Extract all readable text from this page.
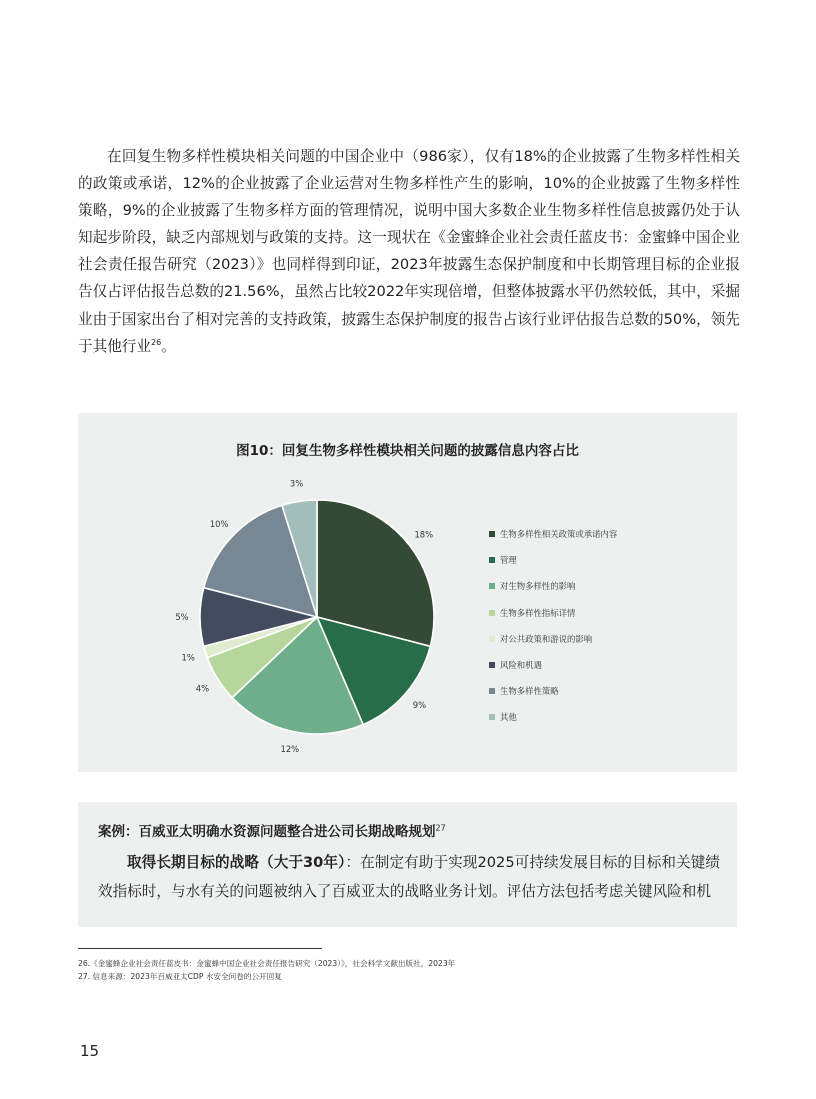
在回复生物多样性模块相关问题的中国企业中（986家），仅有18%的企业披露了生物多样性相关的政策或承诺，12%的企业披露了企业运营对生物多样性产生的影响，10%的企业披露了生物多样性策略，9%的企业披露了生物多样方面的管理情况，说明中国大多数企业生物多样性信息披露仍处于认知起步阶段，缺乏内部规划与政策的支持。这一现状在《金蜜蜂企业社会责任蓝皮书：金蜜蜂中国企业社会责任报告研究（2023）》也同样得到印证，2023年披露生态保护制度和中长期管理目标的企业报告仅占评估报告总数的21.56%，虽然占比较2022年实现倍增，但整体披露水平仍然较低，其中，采掘业由于国家出台了相对完善的支持政策，披露生态保护制度的报告占该行业评估报告总数的50%，领先于其他行业$^{26}$。

图10：回复生物多样性模块相关问题的披露信息内容占比
18%
9%
12%
4%
1%
5%
10%
3%
生物多样性相关政策或承诺内容
管理
对生物多样性的影响
生物多样性指标详情
对公共政策和游说的影响
风险和机遇
生物多样性策略
其他
案例：百威亚太明确水资源问题整合进公司长期战略规划$^{27}$

取得长期目标的战略（大于30年）：在制定有助于实现2025可持续发展目标的目标和关键绩效指标时，与水有关的问题被纳入了百威亚太的战略业务计划。评估方法包括考虑关键风险和机

26.《金蜜蜂企业社会责任蓝皮书：金蜜蜂中国企业社会责任报告研究（2023）》，社会科学文献出版社，2023年
27. 信息来源：2023年百威亚太CDP 水安全问卷的公开回复
15
